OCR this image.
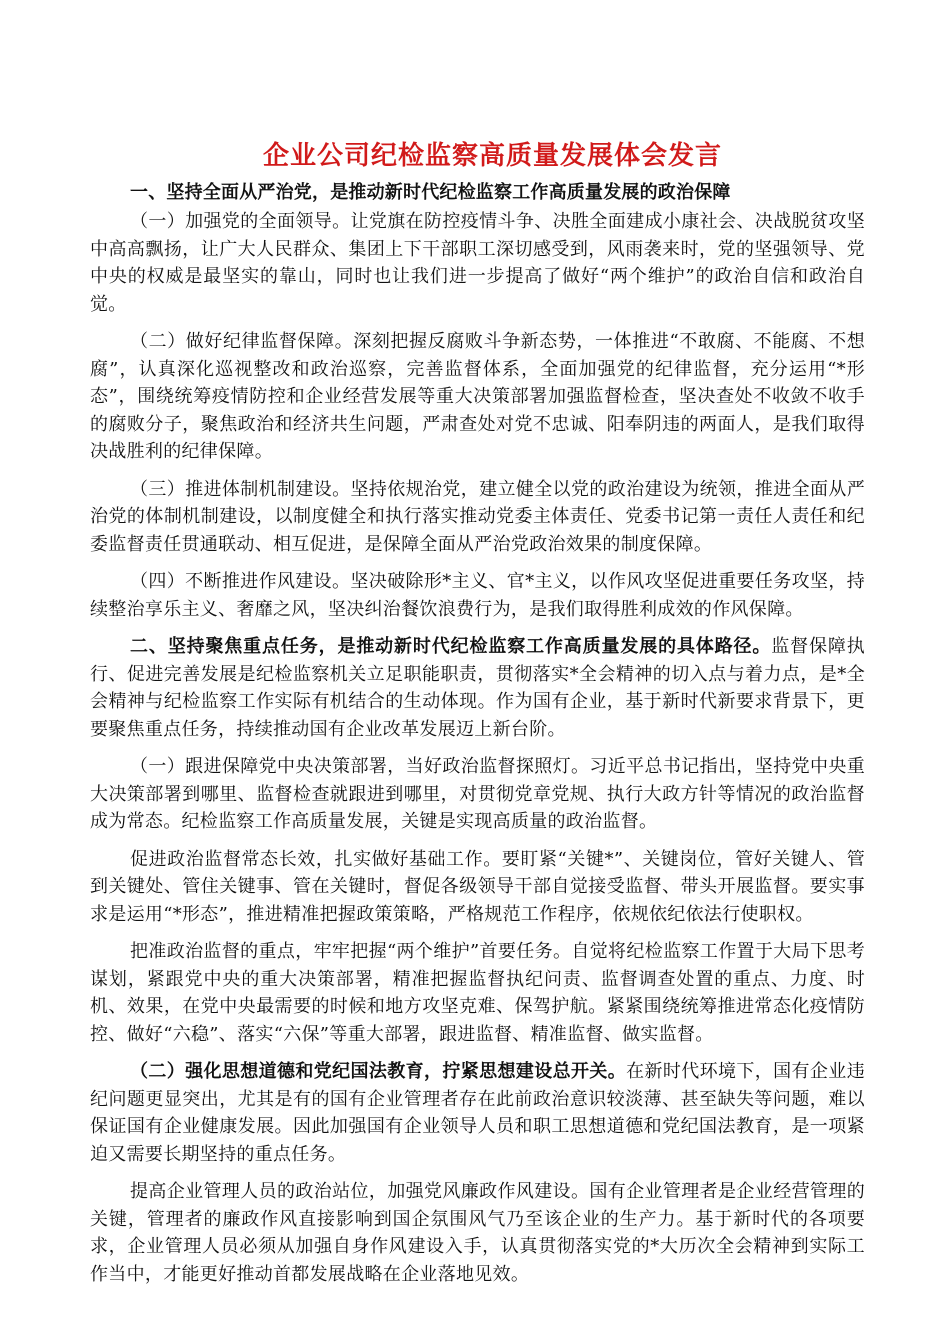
企业公司纪检监察高质量发展体会发言
一、坚持全面从严治党，是推动新时代纪检监察工作高质量发展的政治保障

（一）加强党的全面领导。让党旗在防控疫情斗争、决胜全面建成小康社会、决战脱贫攻坚中高高飘扬，让广大人民群众、集团上下干部职工深切感受到，风雨袭来时，党的坚强领导、党中央的权威是最坚实的靠山，同时也让我们进一步提高了做好“两个维护”的政治自信和政治自觉。

（二）做好纪律监督保障。深刻把握反腐败斗争新态势，一体推进“不敢腐、不能腐、不想腐”，认真深化巡视整改和政治巡察，完善监督体系，全面加强党的纪律监督，充分运用“*形态”，围绕统筹疫情防控和企业经营发展等重大决策部署加强监督检查，坚决查处不收敛不收手的腐败分子，聚焦政治和经济共生问题，严肃查处对党不忠诚、阳奉阴违的两面人，是我们取得决战胜利的纪律保障。

（三）推进体制机制建设。坚持依规治党，建立健全以党的政治建设为统领，推进全面从严治党的体制机制建设，以制度健全和执行落实推动党委主体责任、党委书记第一责任人责任和纪委监督责任贯通联动、相互促进，是保障全面从严治党政治效果的制度保障。

（四）不断推进作风建设。坚决破除形*主义、官*主义，以作风攻坚促进重要任务攻坚，持续整治享乐主义、奢靡之风，坚决纠治餐饮浪费行为，是我们取得胜利成效的作风保障。

二、坚持聚焦重点任务，是推动新时代纪检监察工作高质量发展的具体路径。监督保障执行、促进完善发展是纪检监察机关立足职能职责，贯彻落实*全会精神的切入点与着力点，是*全会精神与纪检监察工作实际有机结合的生动体现。作为国有企业，基于新时代新要求背景下，更要聚焦重点任务，持续推动国有企业改革发展迈上新台阶。

（一）跟进保障党中央决策部署，当好政治监督探照灯。习近平总书记指出，坚持党中央重大决策部署到哪里、监督检查就跟进到哪里，对贯彻党章党规、执行大政方针等情况的政治监督成为常态。纪检监察工作高质量发展，关键是实现高质量的政治监督。

促进政治监督常态长效，扎实做好基础工作。要盯紧“关键*”、关键岗位，管好关键人、管到关键处、管住关键事、管在关键时，督促各级领导干部自觉接受监督、带头开展监督。要实事求是运用“*形态”，推进精准把握政策策略，严格规范工作程序，依规依纪依法行使职权。

把准政治监督的重点，牢牢把握“两个维护”首要任务。自觉将纪检监察工作置于大局下思考谋划，紧跟党中央的重大决策部署，精准把握监督执纪问责、监督调查处置的重点、力度、时机、效果，在党中央最需要的时候和地方攻坚克难、保驾护航。紧紧围绕统筹推进常态化疫情防控、做好“六稳”、落实“六保”等重大部署，跟进监督、精准监督、做实监督。

（二）强化思想道德和党纪国法教育，拧紧思想建设总开关。在新时代环境下，国有企业违纪问题更显突出，尤其是有的国有企业管理者存在此前政治意识较淡薄、甚至缺失等问题，难以保证国有企业健康发展。因此加强国有企业领导人员和职工思想道德和党纪国法教育，是一项紧迫又需要长期坚持的重点任务。

提高企业管理人员的政治站位，加强党风廉政作风建设。国有企业管理者是企业经营管理的关键，管理者的廉政作风直接影响到国企氛围风气乃至该企业的生产力。基于新时代的各项要求，企业管理人员必须从加强自身作风建设入手，认真贯彻落实党的*大历次全会精神到实际工作当中，才能更好推动首都发展战略在企业落地见效。
